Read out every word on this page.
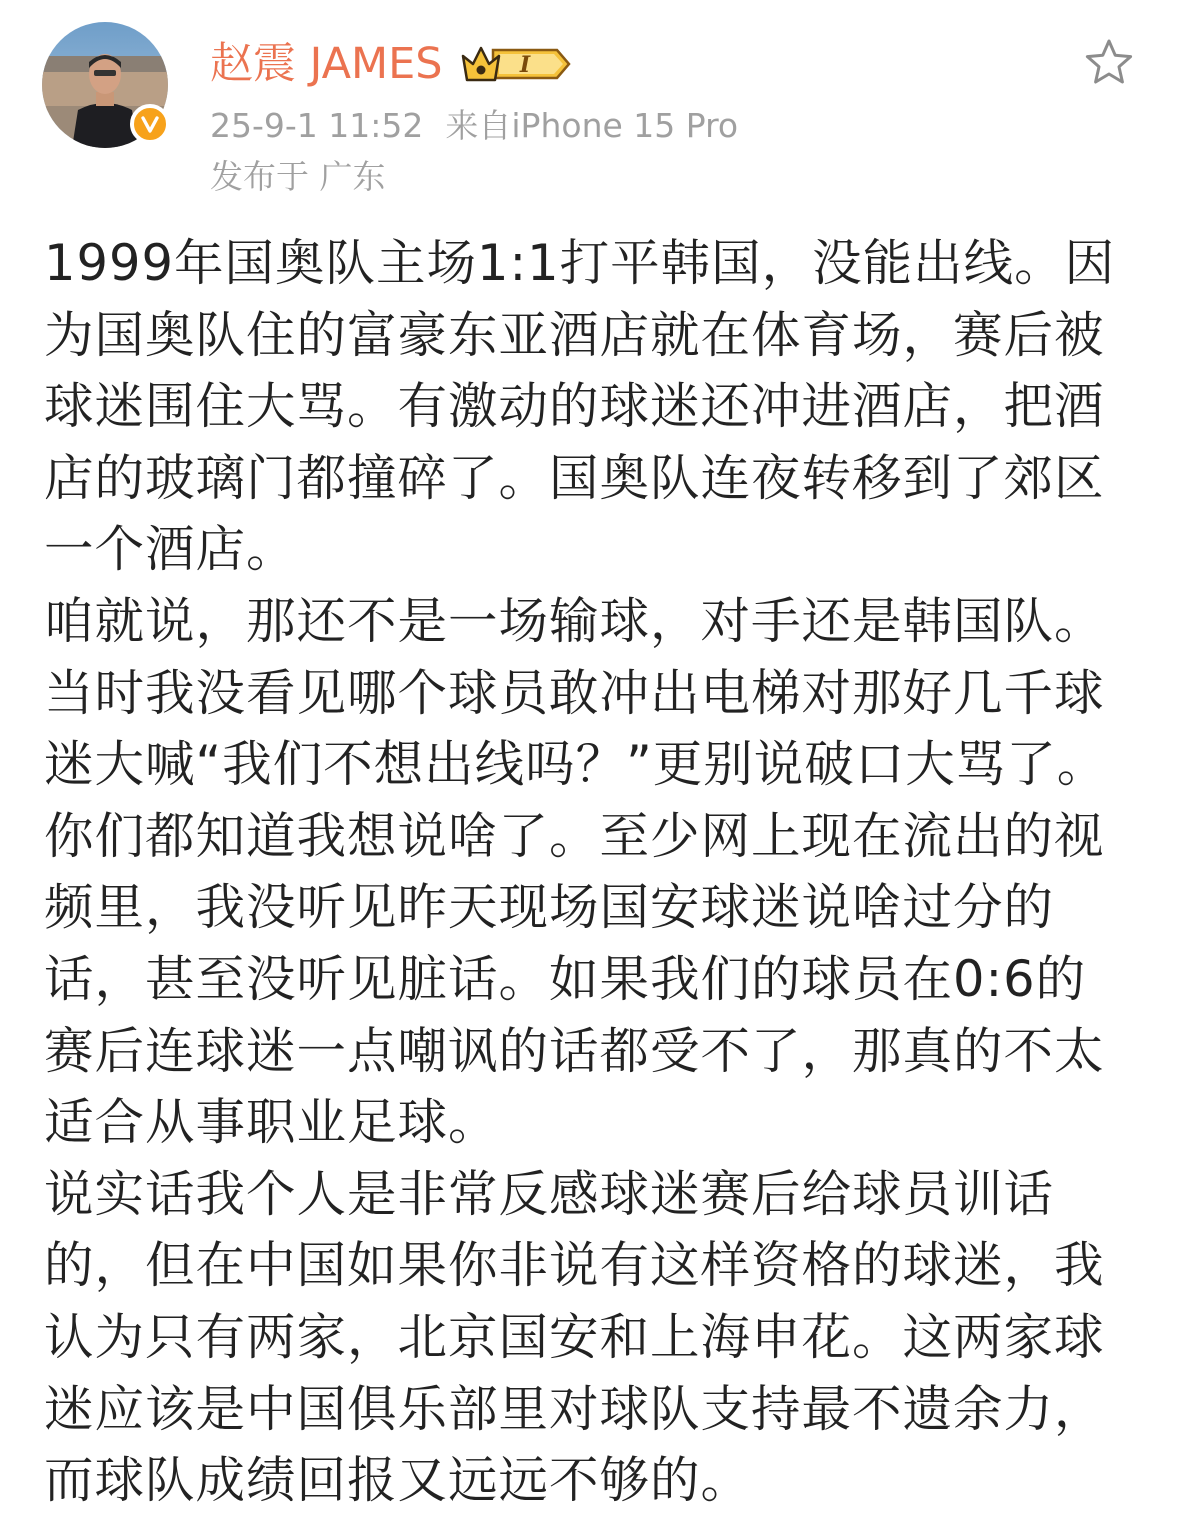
赵震 JAMES	I
25-9-1 11:52 来自iPhone 15 Pro
发布于 广东
1999年国奥队主场1:1打平韩国，没能出线。因
为国奥队住的富豪东亚酒店就在体育场，赛后被
球迷围住大骂。有激动的球迷还冲进酒店，把酒
店的玻璃门都撞碎了。国奥队连夜转移到了郊区
一个酒店。
咱就说，那还不是一场输球，对手还是韩国队。
当时我没看见哪个球员敢冲出电梯对那好几千球
迷大喊“我们不想出线吗？”更别说破口大骂了。
你们都知道我想说啥了。至少网上现在流出的视
频里，我没听见昨天现场国安球迷说啥过分的
话，甚至没听见脏话。如果我们的球员在0:6的
赛后连球迷一点嘲讽的话都受不了，那真的不太
适合从事职业足球。
说实话我个人是非常反感球迷赛后给球员训话
的，但在中国如果你非说有这样资格的球迷，我
认为只有两家，北京国安和上海申花。这两家球
迷应该是中国俱乐部里对球队支持最不遗余力，
而球队成绩回报又远远不够的。
